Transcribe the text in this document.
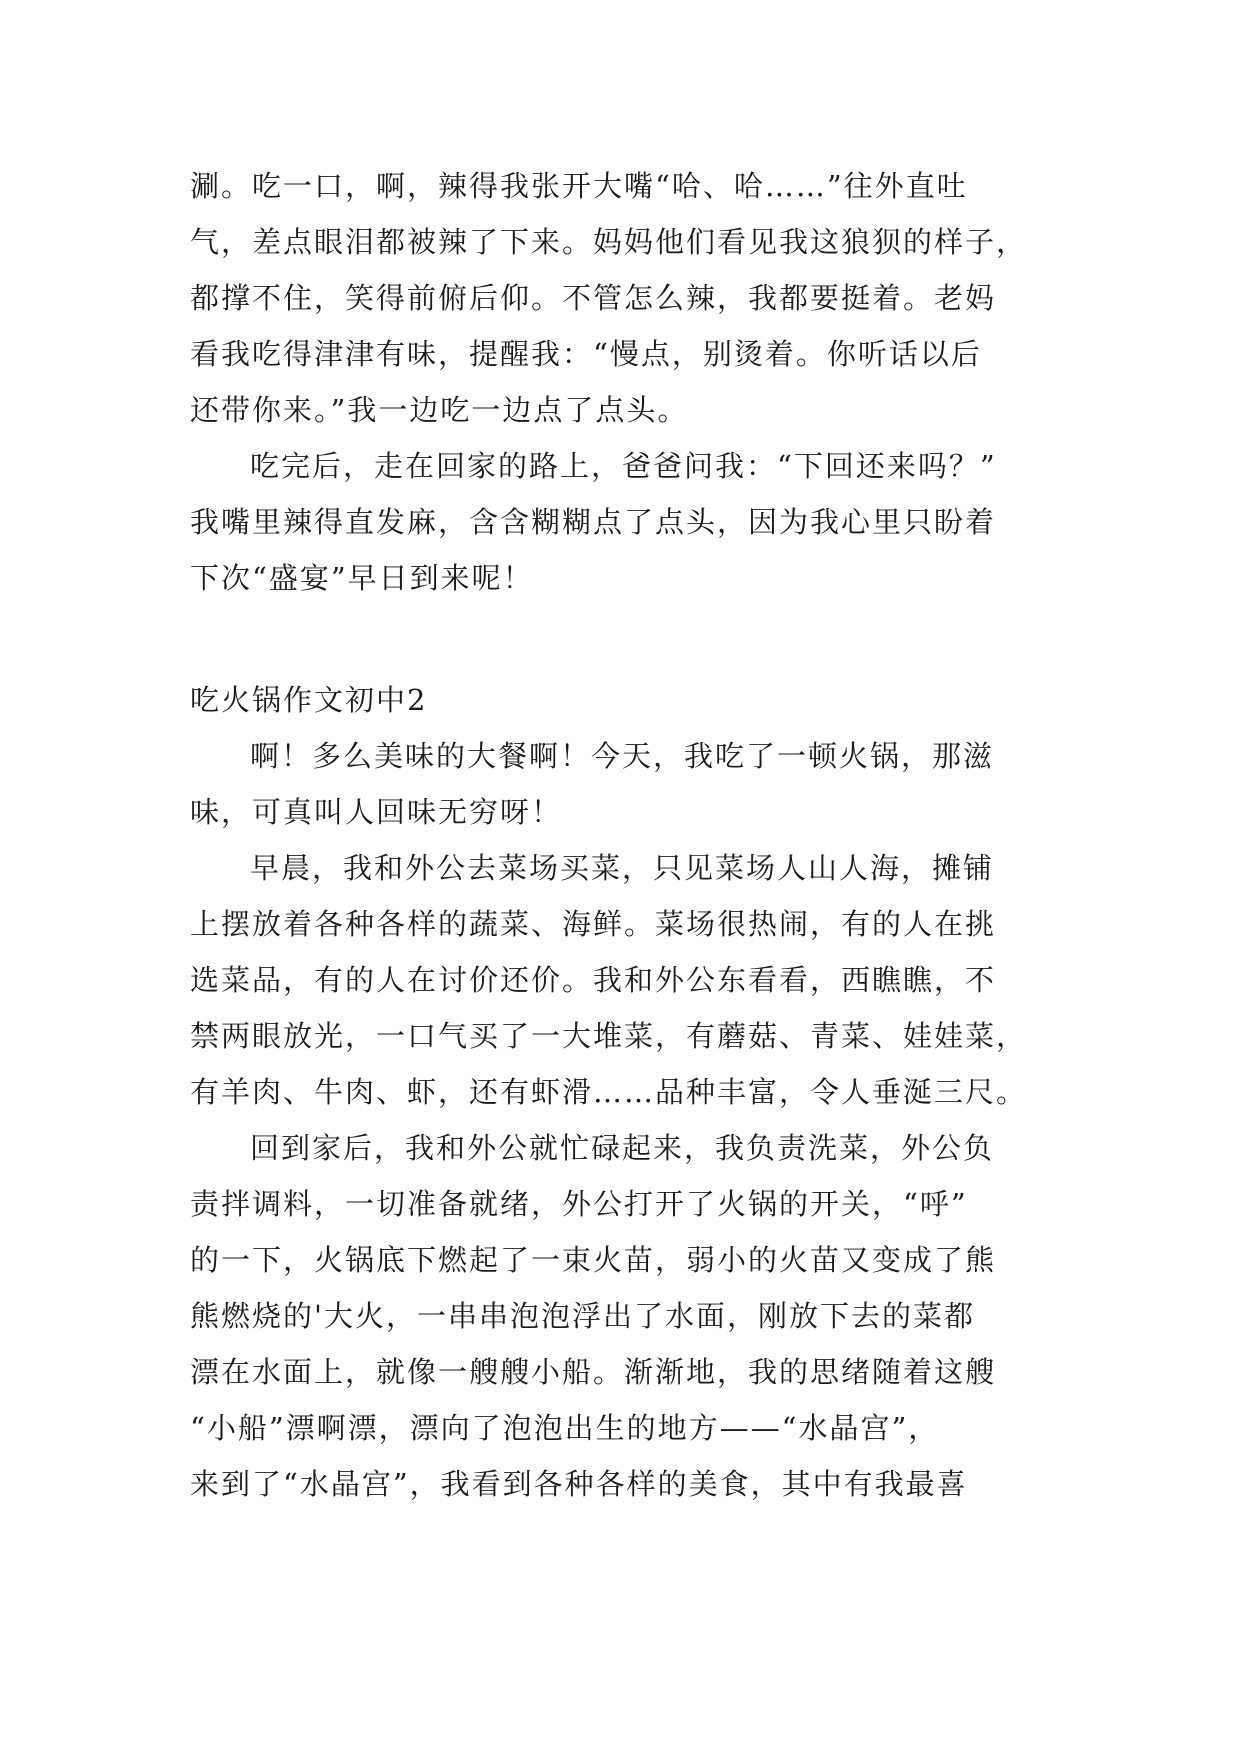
涮。吃一口，啊，辣得我张开大嘴“哈、哈……”往外直吐
气，差点眼泪都被辣了下来。妈妈他们看见我这狼狈的样子，
都撑不住，笑得前俯后仰。不管怎么辣，我都要挺着。老妈
看我吃得津津有味，提醒我：“慢点，别烫着。你听话以后
还带你来。”我一边吃一边点了点头。
吃完后，走在回家的路上，爸爸问我：“下回还来吗？”
我嘴里辣得直发麻，含含糊糊点了点头，因为我心里只盼着
下次“盛宴”早日到来呢！
吃火锅作文初中2
啊！多么美味的大餐啊！今天，我吃了一顿火锅，那滋
味，可真叫人回味无穷呀！
早晨，我和外公去菜场买菜，只见菜场人山人海，摊铺
上摆放着各种各样的蔬菜、海鲜。菜场很热闹，有的人在挑
选菜品，有的人在讨价还价。我和外公东看看，西瞧瞧，不
禁两眼放光，一口气买了一大堆菜，有蘑菇、青菜、娃娃菜，
有羊肉、牛肉、虾，还有虾滑……品种丰富，令人垂涎三尺。
回到家后，我和外公就忙碌起来，我负责洗菜，外公负
责拌调料，一切准备就绪，外公打开了火锅的开关，“呼”
的一下，火锅底下燃起了一束火苗，弱小的火苗又变成了熊
熊燃烧的'大火，一串串泡泡浮出了水面，刚放下去的菜都
漂在水面上，就像一艘艘小船。渐渐地，我的思绪随着这艘
“小船”漂啊漂，漂向了泡泡出生的地方——“水晶宫”，
来到了“水晶宫”，我看到各种各样的美食，其中有我最喜
